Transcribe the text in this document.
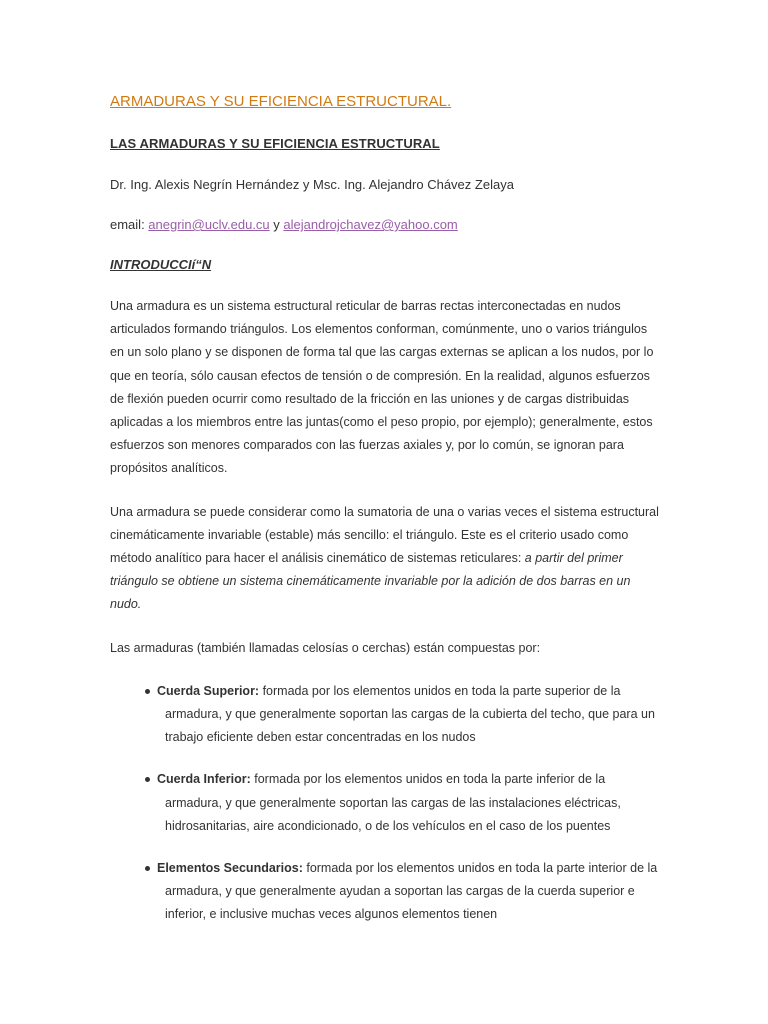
ARMADURAS Y SU EFICIENCIA ESTRUCTURAL.
LAS ARMADURAS Y SU EFICIENCIA ESTRUCTURAL
Dr. Ing. Alexis Negrín Hernández y Msc. Ing. Alejandro Chávez Zelaya
email: anegrin@uclv.edu.cu y alejandrojchavez@yahoo.com
INTRODUCCIí“N

Una armadura es un sistema estructural reticular de barras rectas interconectadas en nudos articulados formando triángulos. Los elementos conforman, comúnmente, uno o varios triángulos en un solo plano y se disponen de forma tal que las cargas externas se aplican a los nudos, por lo que en teoría, sólo causan efectos de tensión o de compresión. En la realidad, algunos esfuerzos de flexión pueden ocurrir como resultado de la fricción en las uniones y de cargas distribuidas aplicadas a los miembros entre las juntas(como el peso propio, por ejemplo); generalmente, estos esfuerzos son menores comparados con las fuerzas axiales y, por lo común, se ignoran para propósitos analíticos.

Una armadura se puede considerar como la sumatoria de una o varias veces el sistema estructural cinemáticamente invariable (estable) más sencillo: el triángulo. Este es el criterio usado como método analítico para hacer el análisis cinemático de sistemas reticulares: a partir del primer triángulo se obtiene un sistema cinemáticamente invariable por la adición de dos barras en un nudo.

Las armaduras (también llamadas celosías o cerchas) están compuestas por:

Cuerda Superior: formada por los elementos unidos en toda la parte superior de la armadura, y que generalmente soportan las cargas de la cubierta del techo, que para un trabajo eficiente deben estar concentradas en los nudos
Cuerda Inferior: formada por los elementos unidos en toda la parte inferior de la armadura, y que generalmente soportan las cargas de las instalaciones eléctricas, hidrosanitarias, aire acondicionado, o de los vehículos en el caso de los puentes
Elementos Secundarios: formada por los elementos unidos en toda la parte interior de la armadura, y que generalmente ayudan a soportan las cargas de la cuerda superior e inferior, e inclusive muchas veces algunos elementos tienen
